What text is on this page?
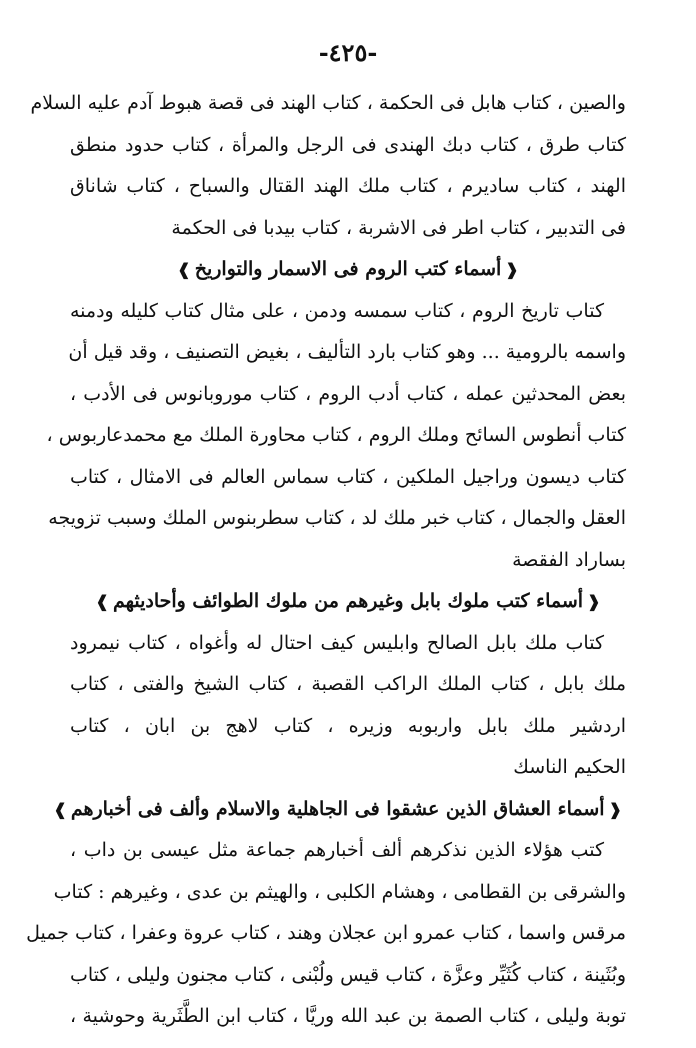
-٤٢٥-
والصين ، كتاب هابل فى الحكمة ، كتاب الهند فى قصة هبوط آدم عليه السلام
كتاب طرق ، كتاب دبك الهندى فى الرجل والمرأة ، كتاب حدود منطق
الهند ، كتاب ساديرم ، كتاب ملك الهند القتال والسباح ، كتاب شاناق
فى التدبير ، كتاب اطر فى الاشربة ، كتاب بيدبا فى الحكمة
❰أسماء كتب الروم فى الاسمار والتواريخ❱
كتاب تاريخ الروم ، كتاب سمسه ودمن ، على مثال كتاب كليله ودمنه
واسمه بالرومية ... وهو كتاب بارد التأليف ، بغيض التصنيف ، وقد قيل أن
بعض المحدثين عمله ، كتاب أدب الروم ، كتاب موروبانوس فى الأدب ،
كتاب أنطوس السائح وملك الروم ، كتاب محاورة الملك مع محمدعاربوس ،
كتاب ديسون وراجيل الملكين ، كتاب سماس العالم فى الامثال ، كتاب
العقل والجمال ، كتاب خبر ملك لد ، كتاب سطربنوس الملك وسبب تزويجه
بساراد الفقصة
❰أسماء كتب ملوك بابل وغيرهم من ملوك الطوائف وأحاديثهم❱
كتاب ملك بابل الصالح وابليس كيف احتال له وأغواه ، كتاب نيمرود
ملك بابل ، كتاب الملك الراكب القصبة ، كتاب الشيخ والفتى ، كتاب
اردشير ملك بابل واربوبه وزيره ، كتاب لاهج بن ابان ، كتاب
الحكيم الناسك
❰أسماء العشاق الذين عشقوا فى الجاهلية والاسلام وألف فى أخبارهم❱
كتب هؤلاء الذين نذكرهم ألف أخبارهم جماعة مثل عيسى بن داب ،
والشرقى بن القطامى ، وهشام الكلبى ، والهيثم بن عدى ، وغيرهم : كتاب
مرقس واسما ، كتاب عمرو ابن عجلان وهند ، كتاب عروة وعفرا ، كتاب جميل
وبُثَينة ، كتاب كُثَيِّر وعزَّة ، كتاب قيس ولُبْنى ، كتاب مجنون وليلى ، كتاب
توبة وليلى ، كتاب الصمة بن عبد الله وريَّا ، كتاب ابن الطَّثَرية وحوشية ،
